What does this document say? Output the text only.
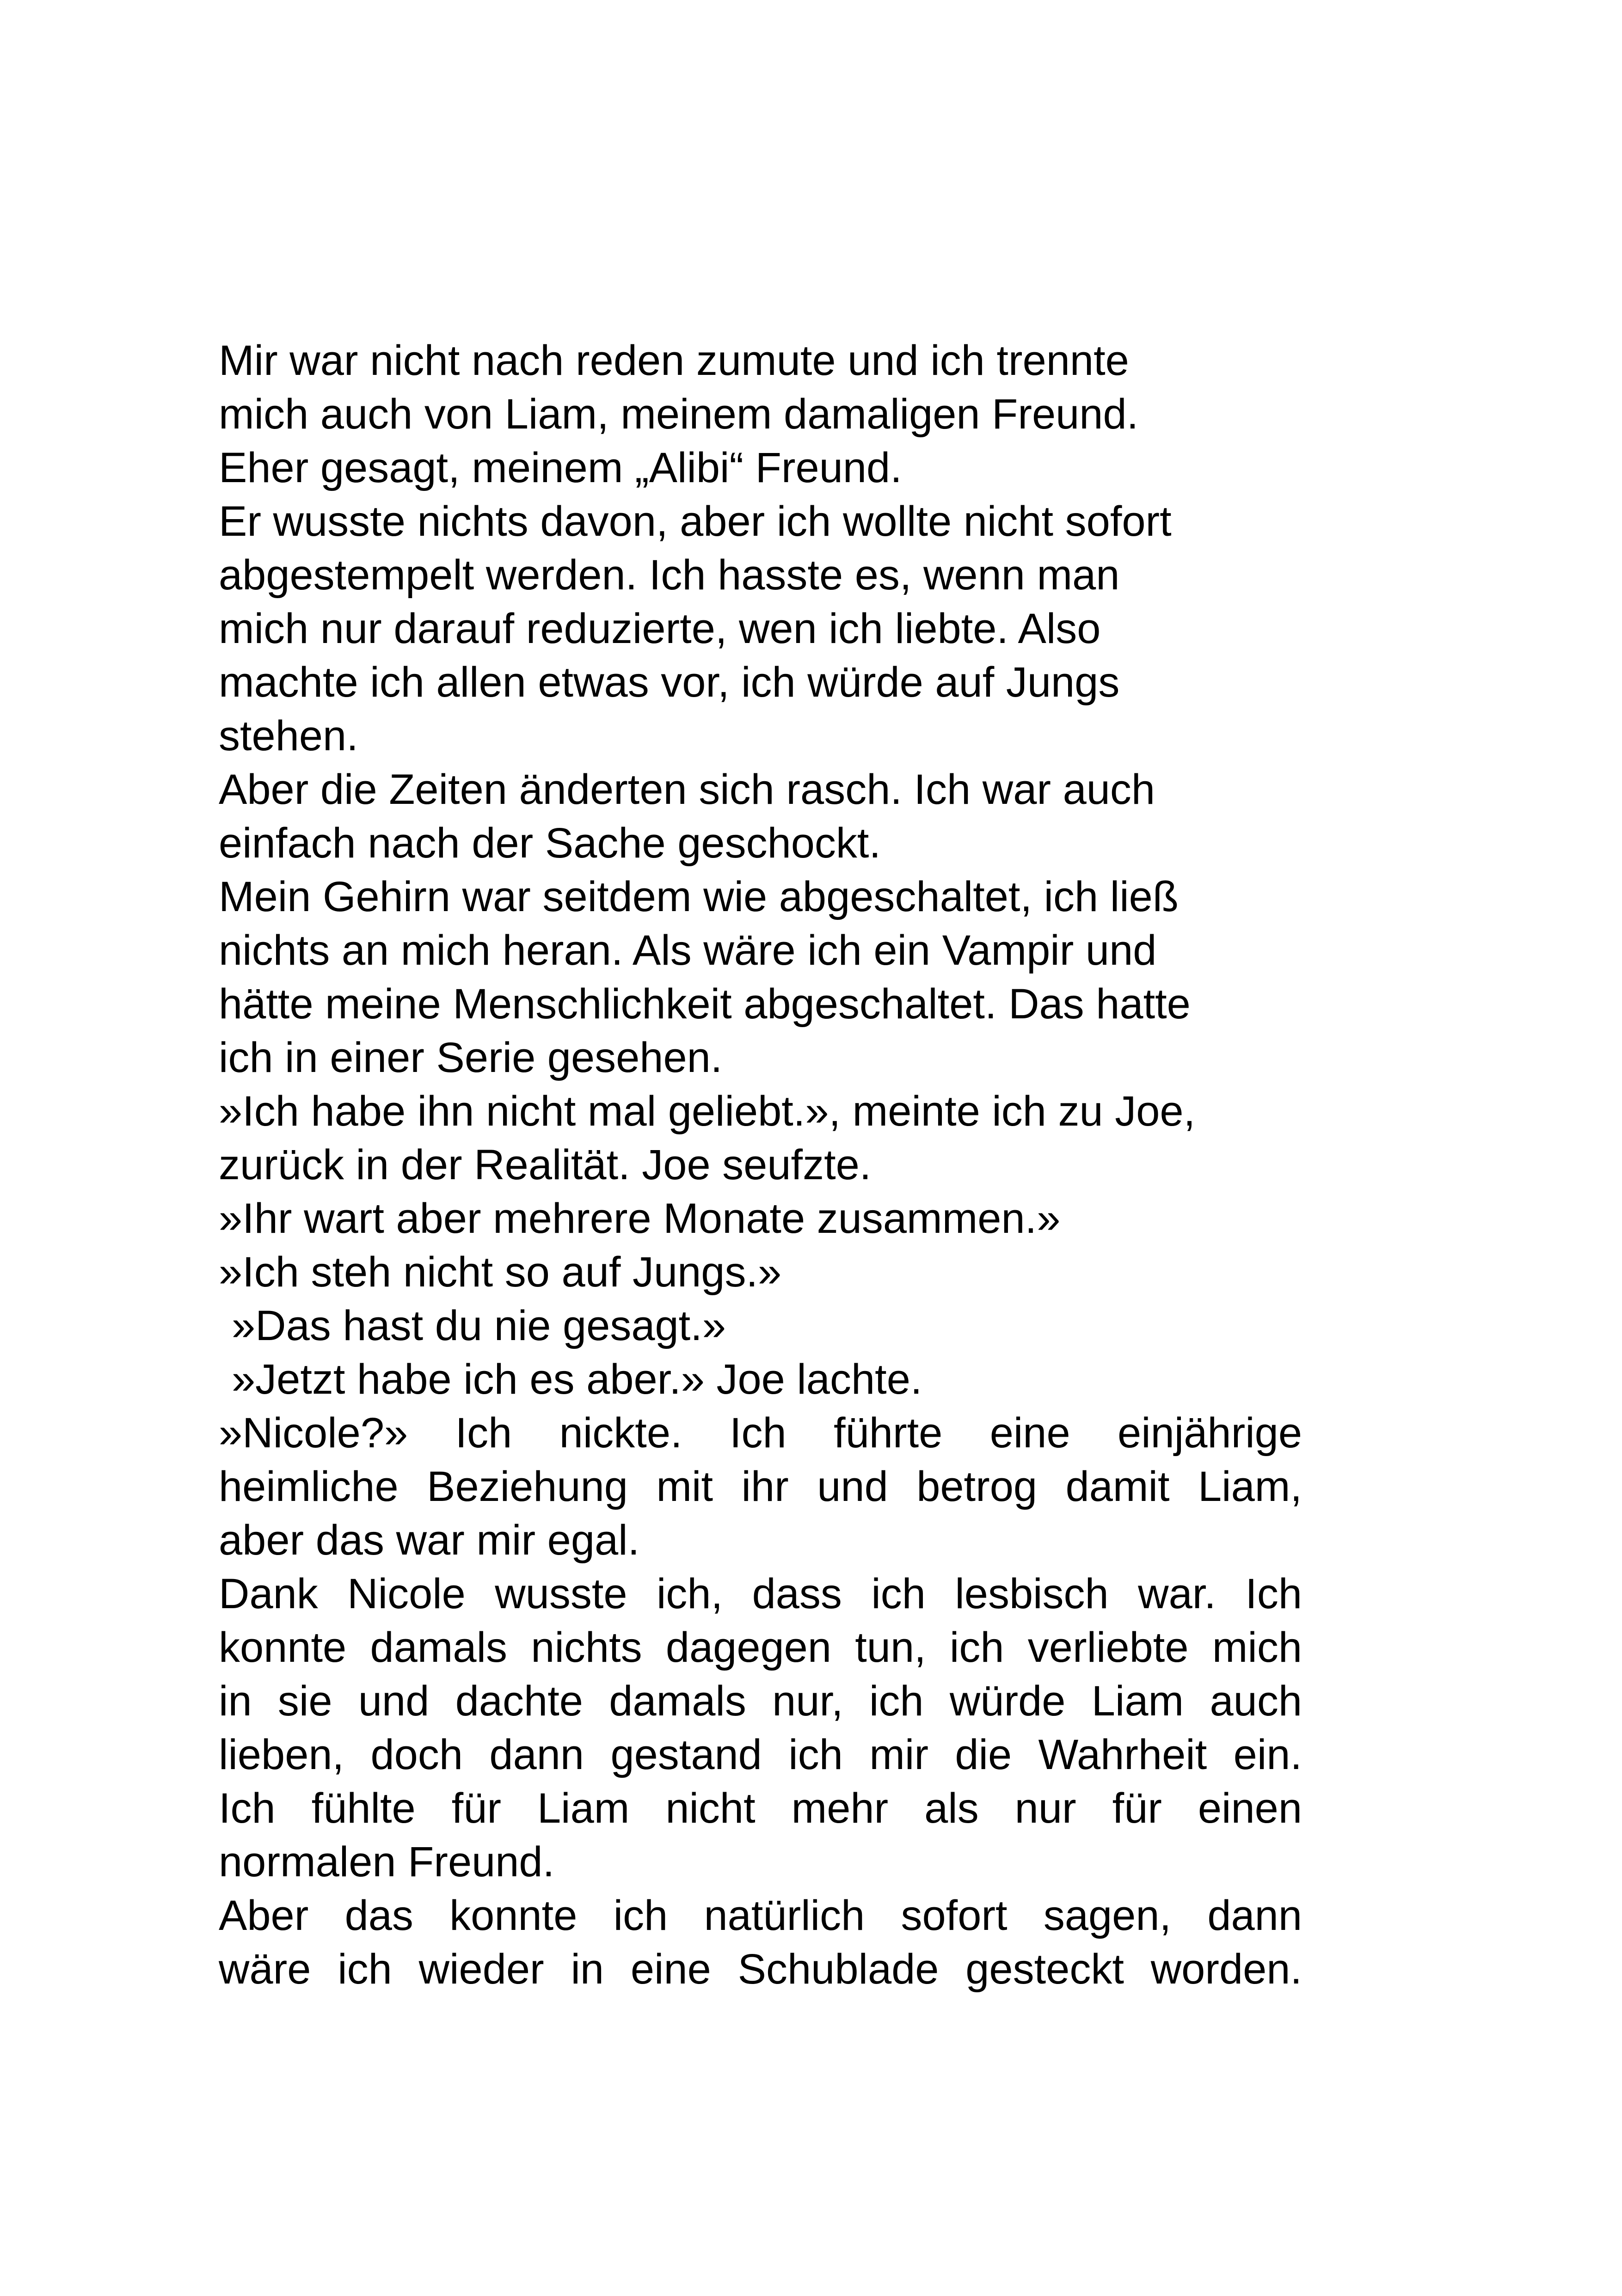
Mir war nicht nach reden zumute und ich trennte
mich auch von Liam, meinem damaligen Freund.
Eher gesagt, meinem „Alibi“ Freund.

Er wusste nichts davon, aber ich wollte nicht sofort
abgestempelt werden. Ich hasste es, wenn man
mich nur darauf reduzierte, wen ich liebte. Also
machte ich allen etwas vor, ich würde auf Jungs
stehen.

Aber die Zeiten änderten sich rasch. Ich war auch
einfach nach der Sache geschockt.

Mein Gehirn war seitdem wie abgeschaltet, ich ließ
nichts an mich heran. Als wäre ich ein Vampir und
hätte meine Menschlichkeit abgeschaltet. Das hatte
ich in einer Serie gesehen.

»Ich habe ihn nicht mal geliebt.», meinte ich zu Joe,
zurück in der Realität. Joe seufzte.

»Ihr wart aber mehrere Monate zusammen.»

»Ich steh nicht so auf Jungs.»

»Das hast du nie gesagt.»

»Jetzt habe ich es aber.» Joe lachte.

»Nicole?» Ich nickte. Ich führte eine einjährige
heimliche Beziehung mit ihr und betrog damit Liam,
aber das war mir egal.

Dank Nicole wusste ich, dass ich lesbisch war. Ich
konnte damals nichts dagegen tun, ich verliebte mich
in sie und dachte damals nur, ich würde Liam auch
lieben, doch dann gestand ich mir die Wahrheit ein.
Ich fühlte für Liam nicht mehr als nur für einen
normalen Freund.

Aber das konnte ich natürlich sofort sagen, dann
wäre ich wieder in eine Schublade gesteckt worden.
